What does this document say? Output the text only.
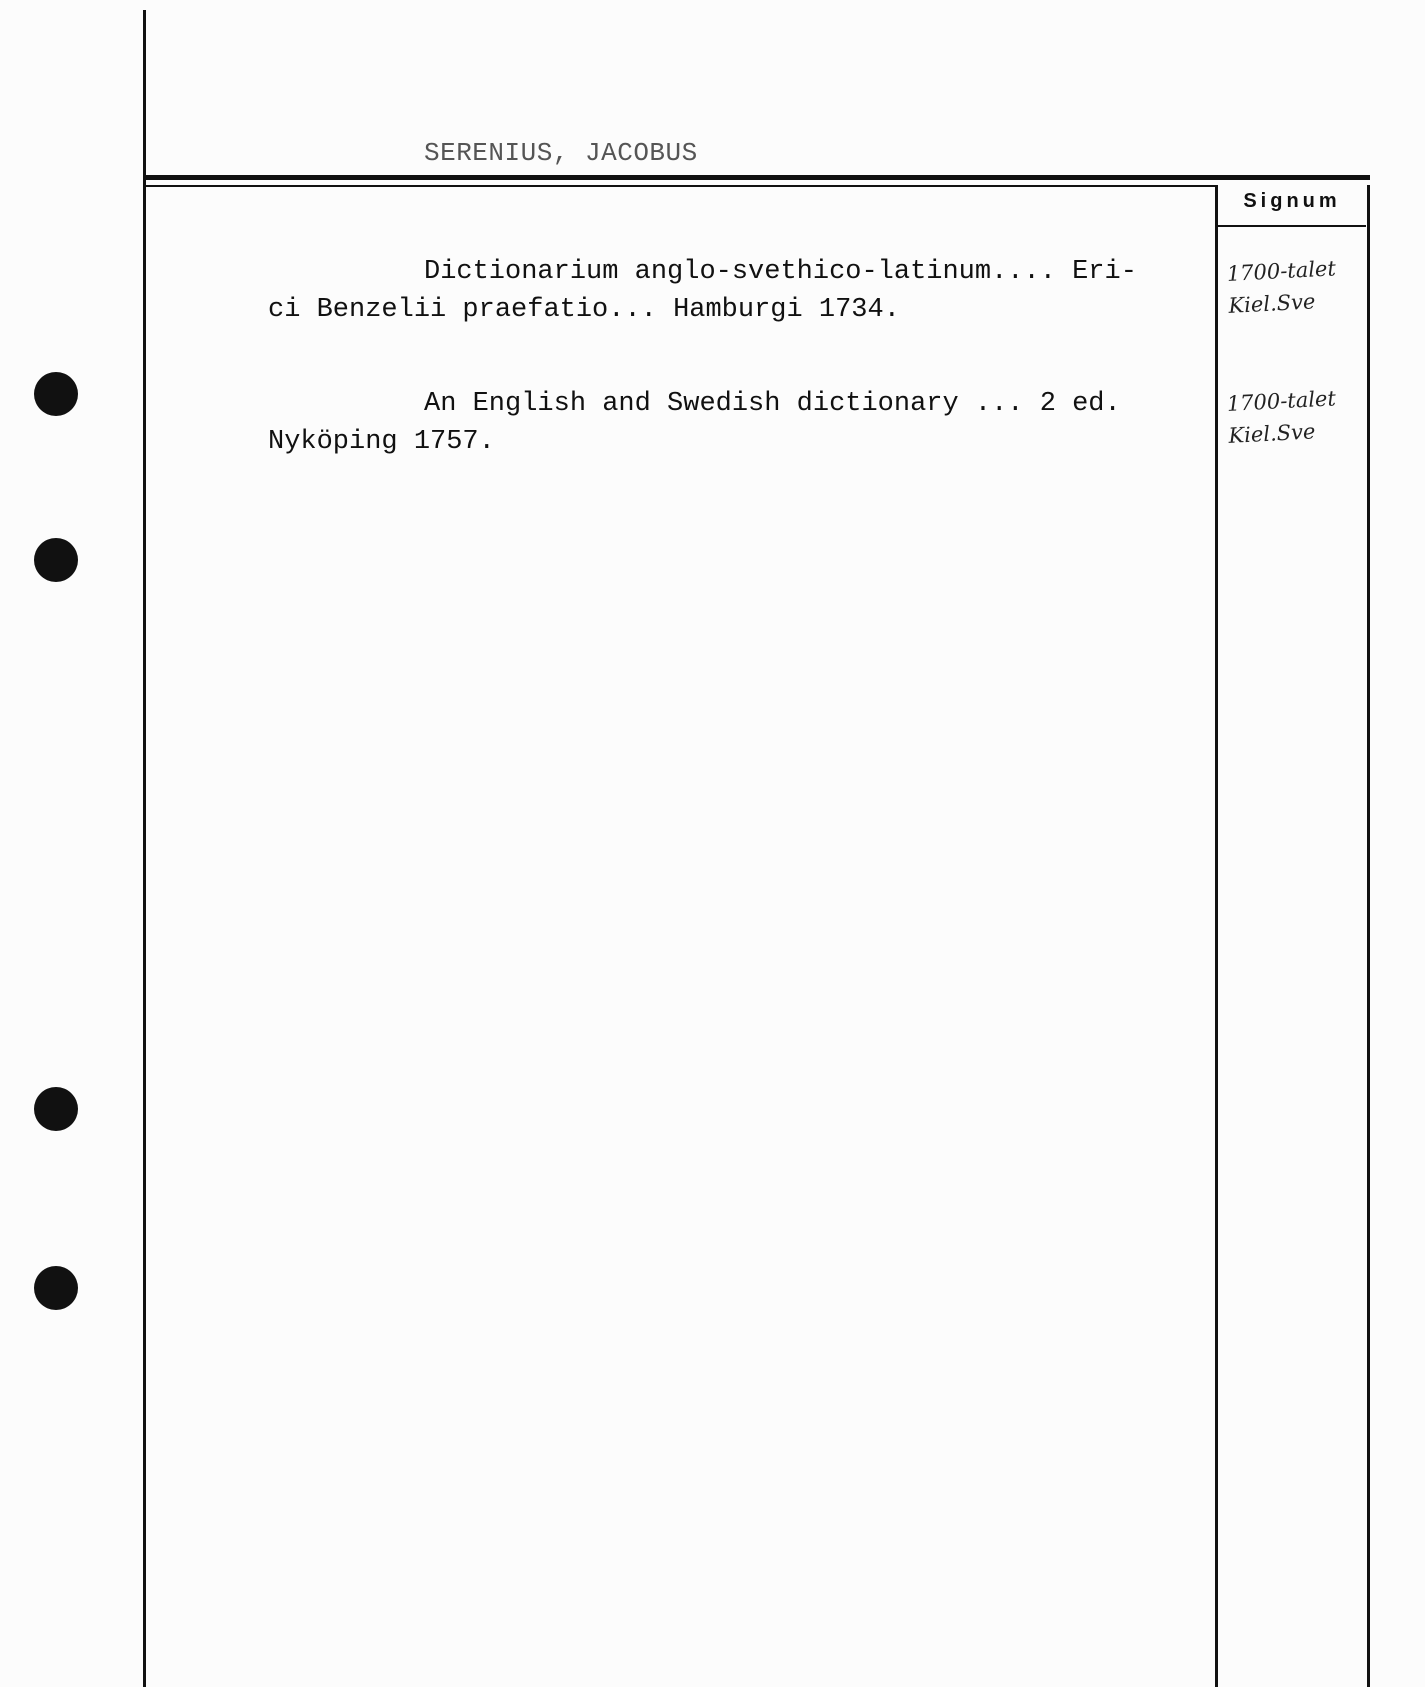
SERENIUS, JACOBUS
Signum
Dictionarium anglo-svethico-latinum.... Eri-
ci Benzelii praefatio... Hamburgi 1734.
1700-talet
Kiel.Sve
An English and Swedish dictionary ... 2 ed.
Nyköping 1757.
1700-talet
Kiel.Sve
